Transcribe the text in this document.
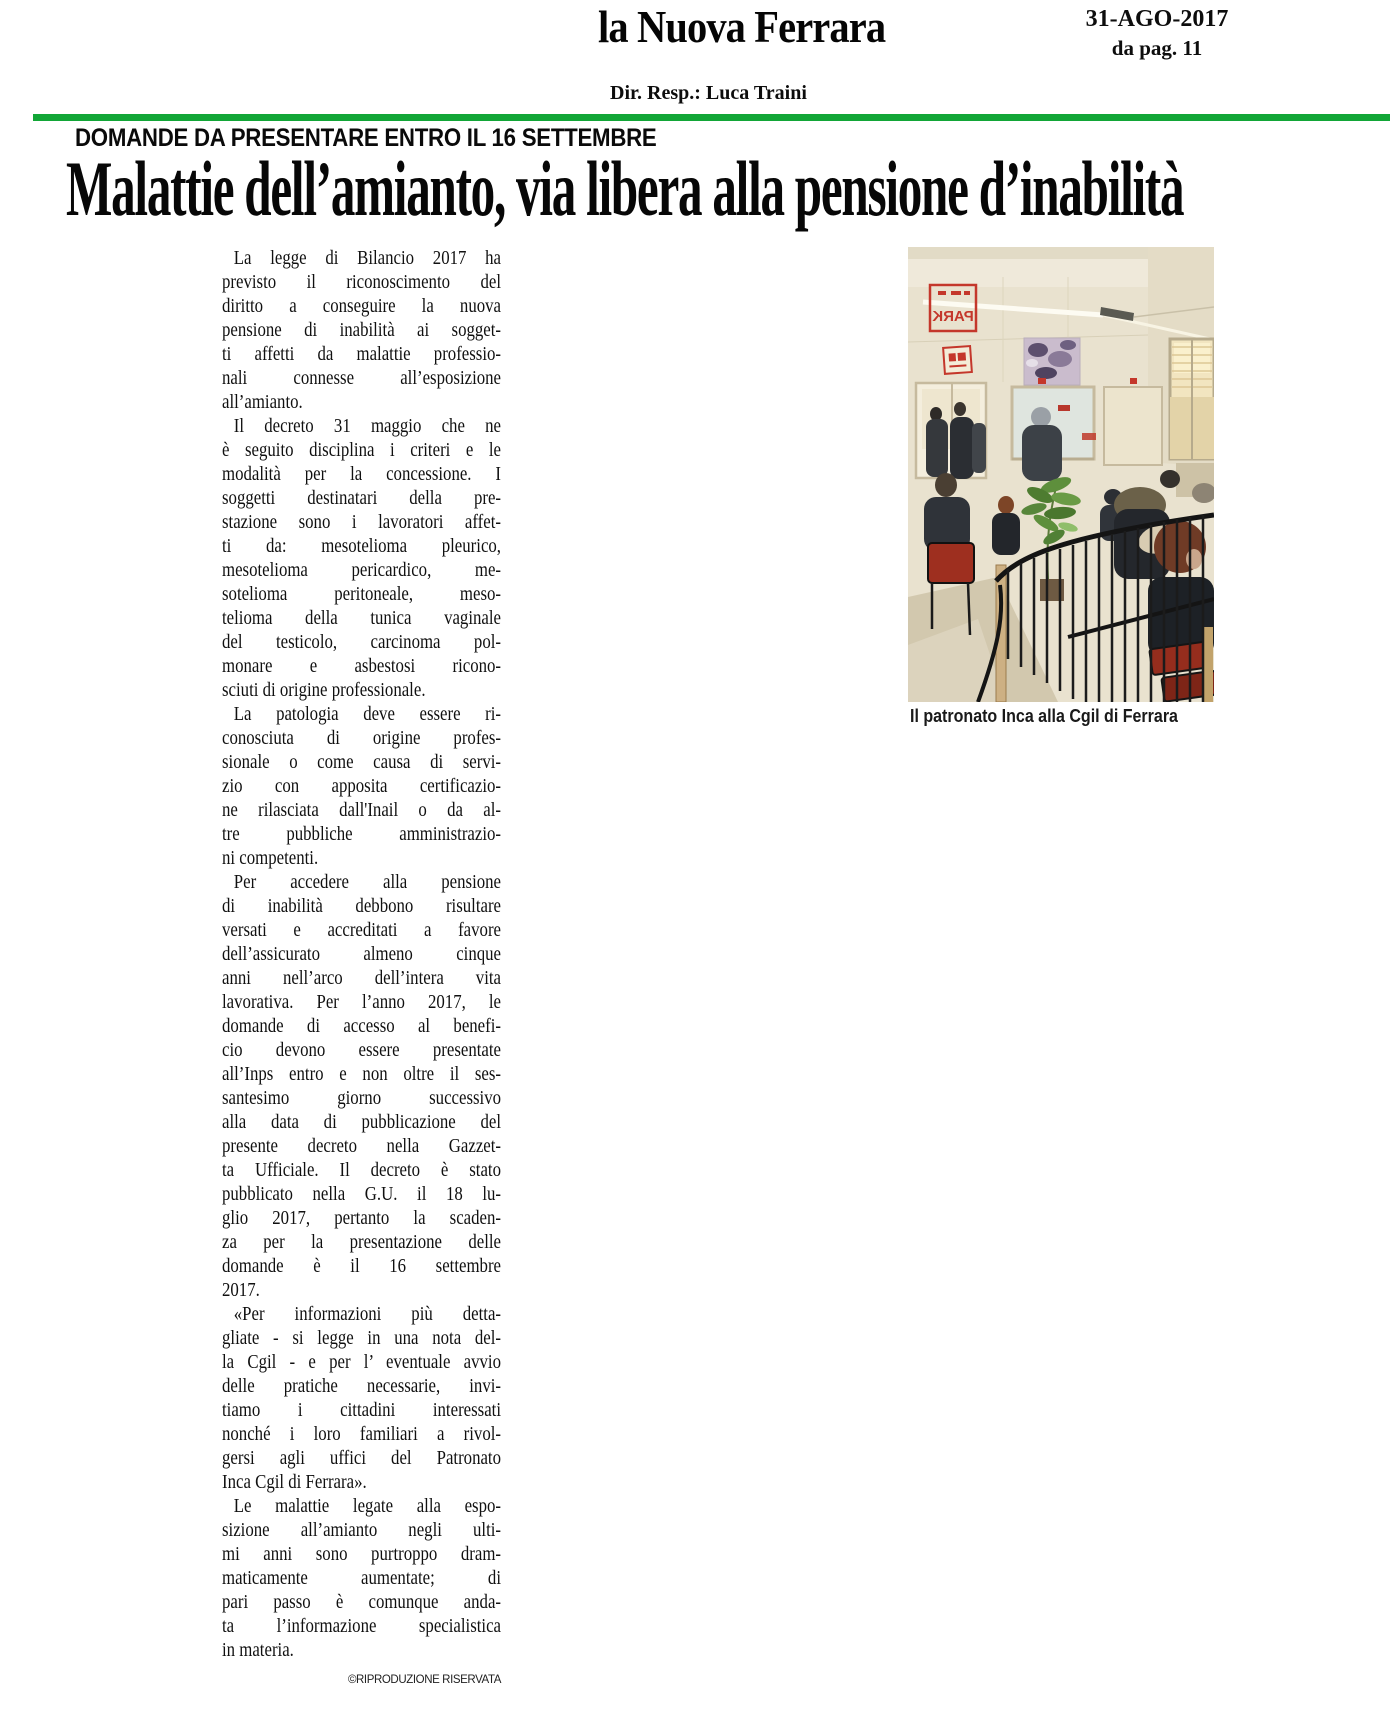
la Nuova Ferrara	31-AGO-2017
da pag. 11
Dir. Resp.: Luca Traini
DOMANDE DA PRESENTARE ENTRO IL 16 SETTEMBRE
Malattie dell’amianto, via libera alla pensione d’inabilità
La legge di Bilancio 2017 ha
previsto il riconoscimento del
diritto a conseguire la nuova
pensione di inabilità ai sogget-
ti affetti da malattie professio-
nali connesse all’esposizione
all’amianto.
Il decreto 31 maggio che ne
è seguito disciplina i criteri e le
modalità per la concessione. I
soggetti destinatari della pre-
stazione sono i lavoratori affet-
ti da: mesotelioma pleurico,
mesotelioma pericardico, me-
sotelioma peritoneale, meso-
telioma della tunica vaginale
del testicolo, carcinoma pol-
monare e asbestosi ricono-
sciuti di origine professionale.
La patologia deve essere ri-
conosciuta di origine profes-
sionale o come causa di servi-
zio con apposita certificazio-
ne rilasciata dall'Inail o da al-
tre pubbliche amministrazio-
ni competenti.
Per accedere alla pensione
di inabilità debbono risultare
versati e accreditati a favore
dell’assicurato almeno cinque
anni nell’arco dell’intera vita
lavorativa. Per l’anno 2017, le
domande di accesso al benefi-
cio devono essere presentate
all’Inps entro e non oltre il ses-
santesimo giorno successivo
alla data di pubblicazione del
presente decreto nella Gazzet-
ta Ufficiale. Il decreto è stato
pubblicato nella G.U. il 18 lu-
glio 2017, pertanto la scaden-
za per la presentazione delle
domande è il 16 settembre
2017.
«Per informazioni più detta-
gliate - si legge in una nota del-
la Cgil - e per l’ eventuale avvio
delle pratiche necessarie, invi-
tiamo i cittadini interessati
nonché i loro familiari a rivol-
gersi agli uffici del Patronato
Inca Cgil di Ferrara».
Le malattie legate alla espo-
sizione all’amianto negli ulti-
mi anni sono purtroppo dram-
maticamente aumentate; di
pari passo è comunque anda-
ta l’informazione specialistica
in materia.
©RIPRODUZIONE RISERVATA
PARK
Il patronato Inca alla Cgil di Ferrara
